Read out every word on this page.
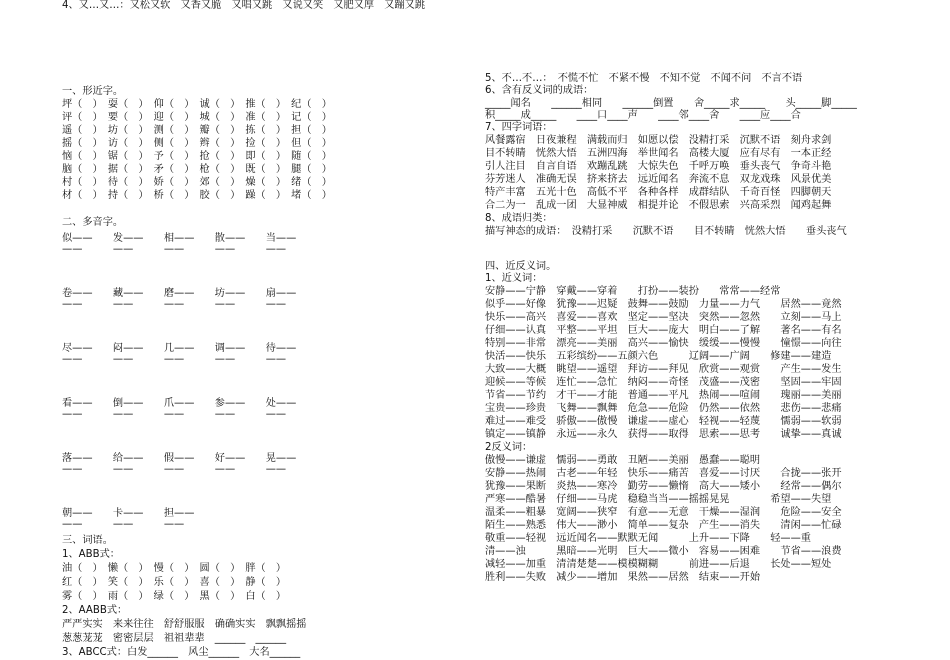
一、形近字。
坪（　）　耍（　）　仰（　）　诚（　）　推（　）　纪（　）
评（　）　要（　）　迎（　）　城（　）　准（　）　记（　）
遥（　）　坊（　）　测（　）　瓣（　）　拣（　）　担（　）
摇（　）　访（　）　侧（　）　辫（　）　捡（　）　但（　）
恼（　）　锯（　）　予（　）　抢（　）　即（　）　随（　）
脑（　）　据（　）　矛（　）　枪（　）　既（　）　腿（　）
村（　）　待（　）　娇（　）　郊（　）　燥（　）　绪（　）
材（　）　持（　）　桥（　）　胶（　）　躁（　）　堵（　）
二、多音字。
似——　　发——　　相——　　散——　　当——
——　　　——　　　——　　　——　　　——
卷——　　藏——　　磨——　　坊——　　扇——
——　　　——　　　——　　　——　　　——
尽——　　闷——　　几——　　调——　　待——
——　　　——　　　——　　　——　　　——
看——　　倒——　　爪——　　参——　　处——
——　　　——　　　——　　　——　　　——
落——　　给——　　假——　　好——　　晃——
——　　　——　　　——　　　——　　　——
朝——　　卡——　　担——
——　　　——　　　——
三、词语。
1、ABB式：
油（　）　懒（　）　慢（　）　圆（　）　胖（　）
红（　）　笑（　）　乐（　）　喜（　）　静（　）
雾（　）　雨（　）　绿（　）　黑（　）　白（　）
2、AABB式：
严严实实　来来往往　舒舒服服　确确实实　飘飘摇摇
葱葱茏茏　密密层层　祖祖辈辈　______　______
3、ABCC式：白发______　风尘______　大名______
4、又…又…：又松又软　又香又脆　又唱又跳　又说又笑　又肥又厚　又蹦又跳
5、不…不…：　不慌不忙　不紧不慢　不知不觉　不闻不问　不言不语
6、含有反义词的成语：
_____闻名　　______相同　　______倒置　　舍_____求_____　　头_____脚_____
积_____成_____　　____口____声　　____邻____舍　　____应____合
7、四字词语：
风餐露宿　日夜兼程　满载而归　如愿以偿　没精打采　沉默不语　刻舟求剑
目不转睛　恍然大悟　五洲四海　举世闻名　高楼大厦　应有尽有　一本正经
引人注目　自言自语　欢蹦乱跳　大惊失色　千呼万唤　垂头丧气　争奇斗艳
芬芳迷人　准确无误　挤来挤去　远近闻名　奔流不息　双龙戏珠　风景优美
特产丰富　五光十色　高低不平　各种各样　成群结队　千奇百怪　四脚朝天
合二为一　乱成一团　大显神威　相提并论　不假思索　兴高采烈　闻鸡起舞
8、成语归类：
描写神态的成语：　没精打采　　沉默不语　　目不转睛　恍然大悟　　垂头丧气
四、近反义词。
1、近义词：
安静——宁静　穿戴——穿着　　打扮——装扮　　常常——经常
似乎——好像　犹豫——迟疑　鼓舞——鼓励　力量——力气　　居然——竟然
快乐——高兴　喜爱——喜欢　坚定——坚决　突然——忽然　　立刻——马上
仔细——认真　平整——平坦　巨大——庞大　明白——了解　　著名——有名
特别——非常　漂亮——美丽　高兴——愉快　缓缓——慢慢　　憧憬——向往
快活——快乐　五彩缤纷——五颜六色　　　辽阔——广阔　　修建——建造
大致——大概　眺望——遥望　拜访——拜见　欣赏——观赏　　产生——发生
迎候——等候　连忙——急忙　纳闷——奇怪　茂盛——茂密　　坚固——牢固
节省——节约　才干——才能　普通——平凡　热闹——喧闹　　瑰丽——美丽
宝贵——珍贵　飞舞——飘舞　危急——危险　仍然——依然　　悲伤——悲痛
难过——难受　骄傲——傲慢　谦虚——虚心　轻视——轻蔑　　懦弱——软弱
镇定——镇静　永远——永久　获得——取得　思索——思考　　诚挚——真诚
2反义词：
傲慢——谦虚　懦弱——勇敢　丑陋——美丽　愚蠢——聪明
安静——热闹　古老——年轻　快乐——痛苦　喜爱——讨厌　　合拢——张开
犹豫——果断　炎热——寒冷　勤劳——懒惰　高大——矮小　　经常——偶尔
严寒——酷暑　仔细——马虎　稳稳当当——摇摇晃晃　　　　希望——失望
温柔——粗暴　宽阔——狭窄　有意——无意　干燥——湿润　　危险——安全
陌生——熟悉　伟大——渺小　简单——复杂　产生——消失　　清闲——忙碌
敬重——轻视　远近闻名——默默无闻　　　上升——下降　　轻——重
清——浊　　　黑暗——光明　巨大——微小　容易——困难　　节省——浪费
减轻——加重　清清楚楚——模模糊糊　　　前进——后退　　长处——短处
胜利——失败　减少——增加　果然——居然　结束——开始
